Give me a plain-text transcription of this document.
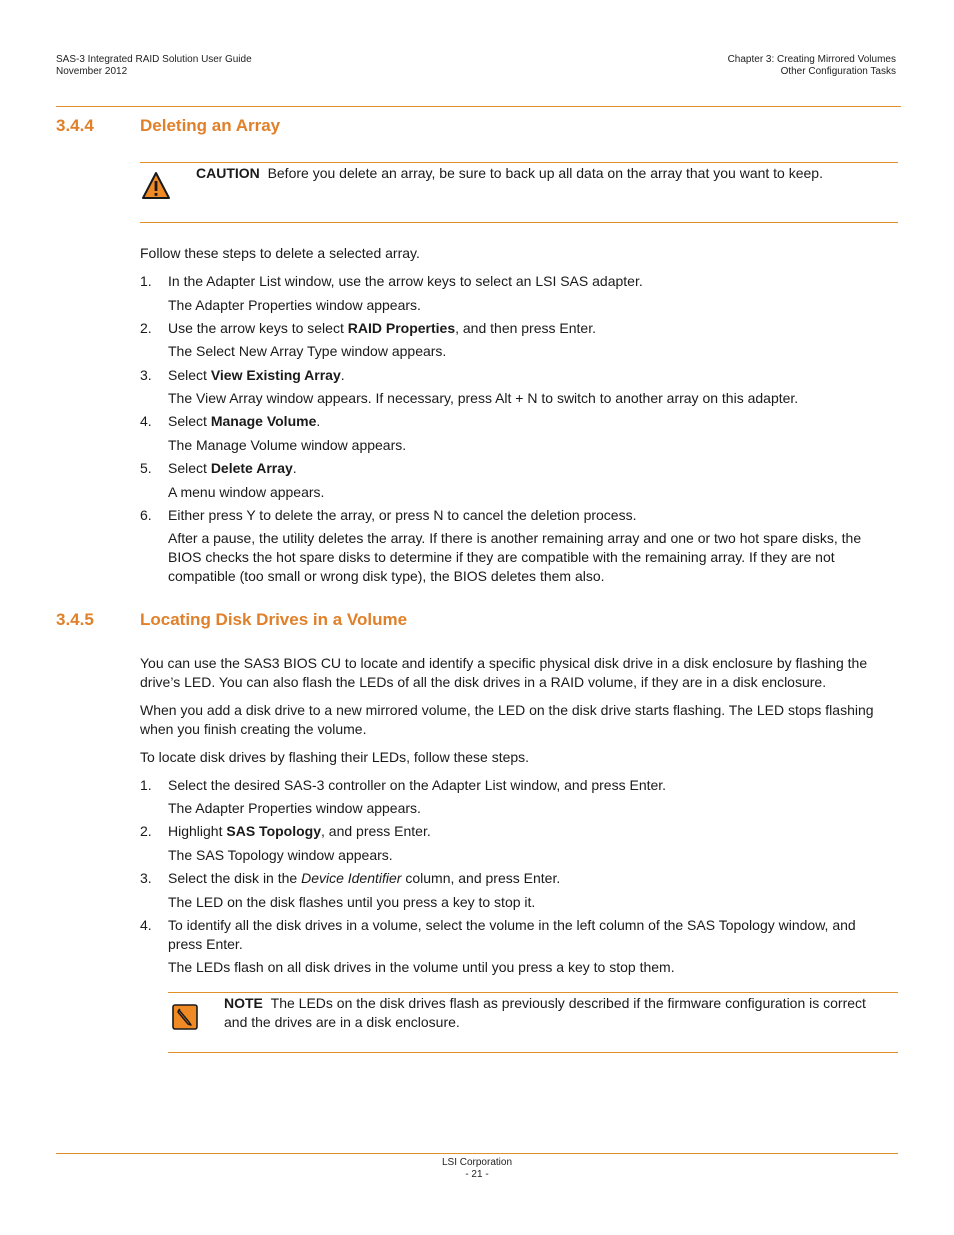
SAS-3 Integrated RAID Solution User Guide
November 2012
Chapter 3: Creating Mirrored Volumes
Other Configuration Tasks
3.4.4	Deleting an Array
CAUTION Before you delete an array, be sure to back up all data on the array that you want to keep.
Follow these steps to delete a selected array.
1. In the Adapter List window, use the arrow keys to select an LSI SAS adapter.
The Adapter Properties window appears.
2. Use the arrow keys to select RAID Properties, and then press Enter.
The Select New Array Type window appears.
3. Select View Existing Array.
The View Array window appears. If necessary, press Alt + N to switch to another array on this adapter.
4. Select Manage Volume.
The Manage Volume window appears.
5. Select Delete Array.
A menu window appears.
6. Either press Y to delete the array, or press N to cancel the deletion process.
After a pause, the utility deletes the array. If there is another remaining array and one or two hot spare disks, the
BIOS checks the hot spare disks to determine if they are compatible with the remaining array. If they are not
compatible (too small or wrong disk type), the BIOS deletes them also.
3.4.5	Locating Disk Drives in a Volume
You can use the SAS3 BIOS CU to locate and identify a specific physical disk drive in a disk enclosure by flashing the
drive’s LED. You can also flash the LEDs of all the disk drives in a RAID volume, if they are in a disk enclosure.
When you add a disk drive to a new mirrored volume, the LED on the disk drive starts flashing. The LED stops flashing
when you finish creating the volume.
To locate disk drives by flashing their LEDs, follow these steps.
1. Select the desired SAS-3 controller on the Adapter List window, and press Enter.
The Adapter Properties window appears.
2. Highlight SAS Topology, and press Enter.
The SAS Topology window appears.
3. Select the disk in the Device Identifier column, and press Enter.
The LED on the disk flashes until you press a key to stop it.
4. To identify all the disk drives in a volume, select the volume in the left column of the SAS Topology window, and
press Enter.
The LEDs flash on all disk drives in the volume until you press a key to stop them.
NOTE The LEDs on the disk drives flash as previously described if the firmware configuration is correct
and the drives are in a disk enclosure.
LSI Corporation
- 21 -
